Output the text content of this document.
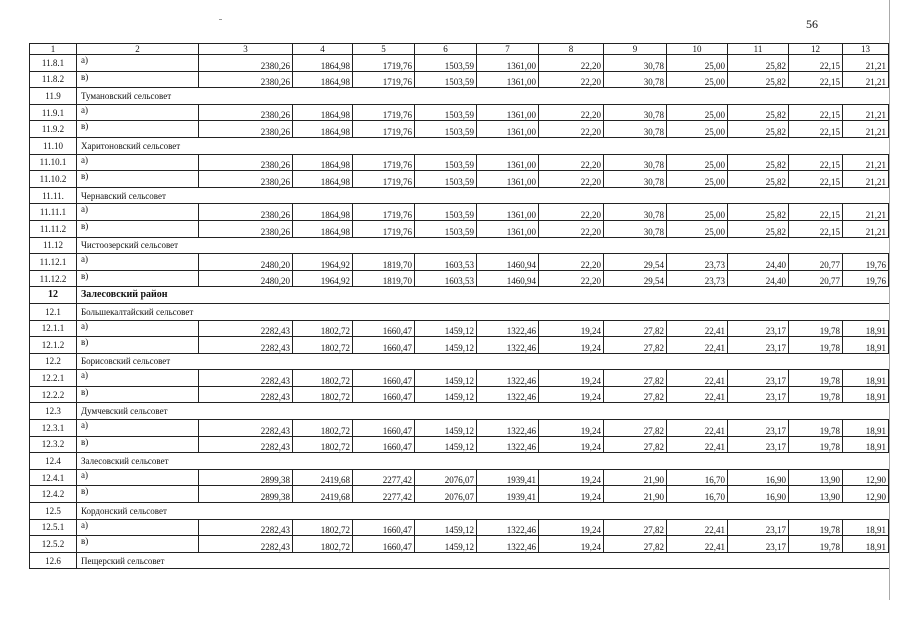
56
1	2	3	4	5	6	7	8	9	10	11	12	13
11.8.1	а)	2380,26	1864,98	1719,76	1503,59	1361,00	22,20	30,78	25,00	25,82	22,15	21,21
11.8.2	в)	2380,26	1864,98	1719,76	1503,59	1361,00	22,20	30,78	25,00	25,82	22,15	21,21
11.9	Тумановский сельсовет											
11.9.1	а)	2380,26	1864,98	1719,76	1503,59	1361,00	22,20	30,78	25,00	25,82	22,15	21,21
11.9.2	в)	2380,26	1864,98	1719,76	1503,59	1361,00	22,20	30,78	25,00	25,82	22,15	21,21
11.10	Харитоновский сельсовет											
11.10.1	а)	2380,26	1864,98	1719,76	1503,59	1361,00	22,20	30,78	25,00	25,82	22,15	21,21
11.10.2	в)	2380,26	1864,98	1719,76	1503,59	1361,00	22,20	30,78	25,00	25,82	22,15	21,21
11.11.	Чернавский сельсовет											
11.11.1	а)	2380,26	1864,98	1719,76	1503,59	1361,00	22,20	30,78	25,00	25,82	22,15	21,21
11.11.2	в)	2380,26	1864,98	1719,76	1503,59	1361,00	22,20	30,78	25,00	25,82	22,15	21,21
11.12	Чистоозерский сельсовет											
11.12.1	а)	2480,20	1964,92	1819,70	1603,53	1460,94	22,20	29,54	23,73	24,40	20,77	19,76
11.12.2	в)	2480,20	1964,92	1819,70	1603,53	1460,94	22,20	29,54	23,73	24,40	20,77	19,76
12	Залесовский район											
12.1	Большекалтайский сельсовет											
12.1.1	а)	2282,43	1802,72	1660,47	1459,12	1322,46	19,24	27,82	22,41	23,17	19,78	18,91
12.1.2	в)	2282,43	1802,72	1660,47	1459,12	1322,46	19,24	27,82	22,41	23,17	19,78	18,91
12.2	Борисовский сельсовет											
12.2.1	а)	2282,43	1802,72	1660,47	1459,12	1322,46	19,24	27,82	22,41	23,17	19,78	18,91
12.2.2	в)	2282,43	1802,72	1660,47	1459,12	1322,46	19,24	27,82	22,41	23,17	19,78	18,91
12.3	Думчевский сельсовет											
12.3.1	а)	2282,43	1802,72	1660,47	1459,12	1322,46	19,24	27,82	22,41	23,17	19,78	18,91
12.3.2	в)	2282,43	1802,72	1660,47	1459,12	1322,46	19,24	27,82	22,41	23,17	19,78	18,91
12.4	Залесовский сельсовет											
12.4.1	а)	2899,38	2419,68	2277,42	2076,07	1939,41	19,24	21,90	16,70	16,90	13,90	12,90
12.4.2	в)	2899,38	2419,68	2277,42	2076,07	1939,41	19,24	21,90	16,70	16,90	13,90	12,90
12.5	Кордонский сельсовет											
12.5.1	а)	2282,43	1802,72	1660,47	1459,12	1322,46	19,24	27,82	22,41	23,17	19,78	18,91
12.5.2	в)	2282,43	1802,72	1660,47	1459,12	1322,46	19,24	27,82	22,41	23,17	19,78	18,91
12.6	Пещерский сельсовет											
